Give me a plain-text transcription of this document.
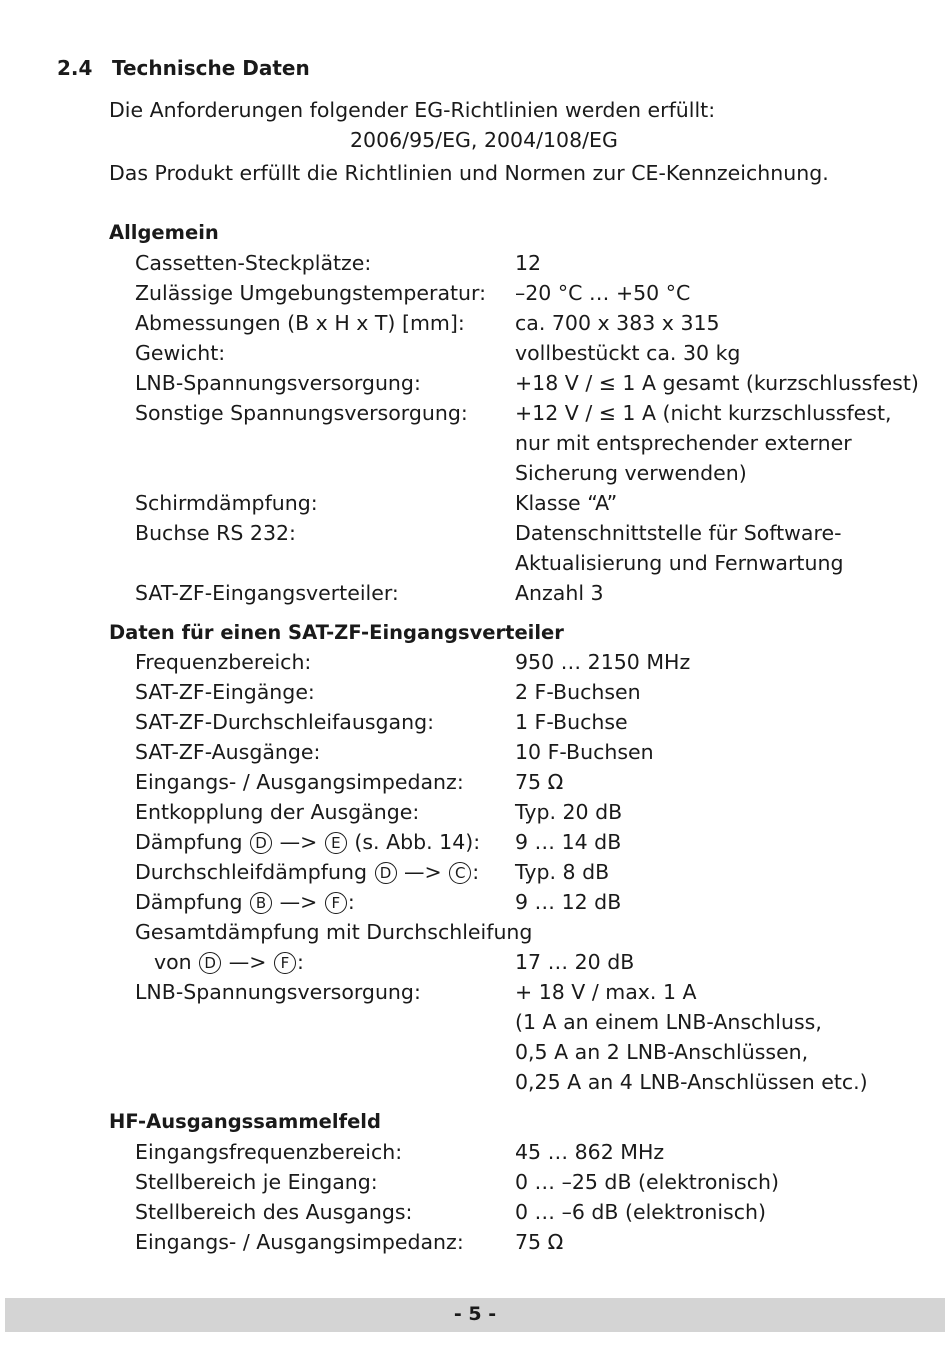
2.4 Technische Daten
Die Anforderungen folgender EG-Richtlinien werden erfüllt:
2006/95/EG, 2004/108/EG
Das Produkt erfüllt die Richtlinien und Normen zur CE-Kennzeichnung.
Allgemein
Cassetten-Steckplätze:	12
Zulässige Umgebungstemperatur: –20 °C … +50 °C
Abmessungen (B x H x T) [mm]: ca. 700 x 383 x 315
Gewicht:	vollbestückt ca. 30 kg
LNB-Spannungsversorgung:	+18 V / ≤ 1 A gesamt (kurzschlussfest)
Sonstige Spannungsversorgung: +12 V / ≤ 1 A (nicht kurzschlussfest,
nur mit entsprechender externer
Sicherung verwenden)
Schirmdämpfung:	Klasse “A”
Buchse RS 232:	Datenschnittstelle für Software-
Aktualisierung und Fernwartung
SAT-ZF-Eingangsverteiler:	Anzahl 3
Daten für einen SAT-ZF-Eingangsverteiler
Frequenzbereich:	950 … 2150 MHz
SAT-ZF-Eingänge:	2 F-Buchsen
SAT-ZF-Durchschleifausgang:	1 F-Buchse
SAT-ZF-Ausgänge:	10 F-Buchsen
Eingangs- / Ausgangsimpedanz:	75 Ω
Entkopplung der Ausgänge:	Typ. 20 dB
Dämpfung D —> E (s. Abb. 14): 9 … 14 dB
Durchschleifdämpfung D —> C : Typ. 8 dB
Dämpfung B —> F :	9 … 12 dB
Gesamtdämpfung mit Durchschleifung
von D —> F :	17 … 20 dB
LNB-Spannungsversorgung:	+ 18 V / max. 1 A
(1 A an einem LNB-Anschluss,
0,5 A an 2 LNB-Anschlüssen,
0,25 A an 4 LNB-Anschlüssen etc.)
HF-Ausgangssammelfeld
Eingangsfrequenzbereich:	45 … 862 MHz
Stellbereich je Eingang:	0 … –25 dB (elektronisch)
Stellbereich des Ausgangs:	0 … –6 dB (elektronisch)
Eingangs- / Ausgangsimpedanz:	75 Ω
- 5 -
